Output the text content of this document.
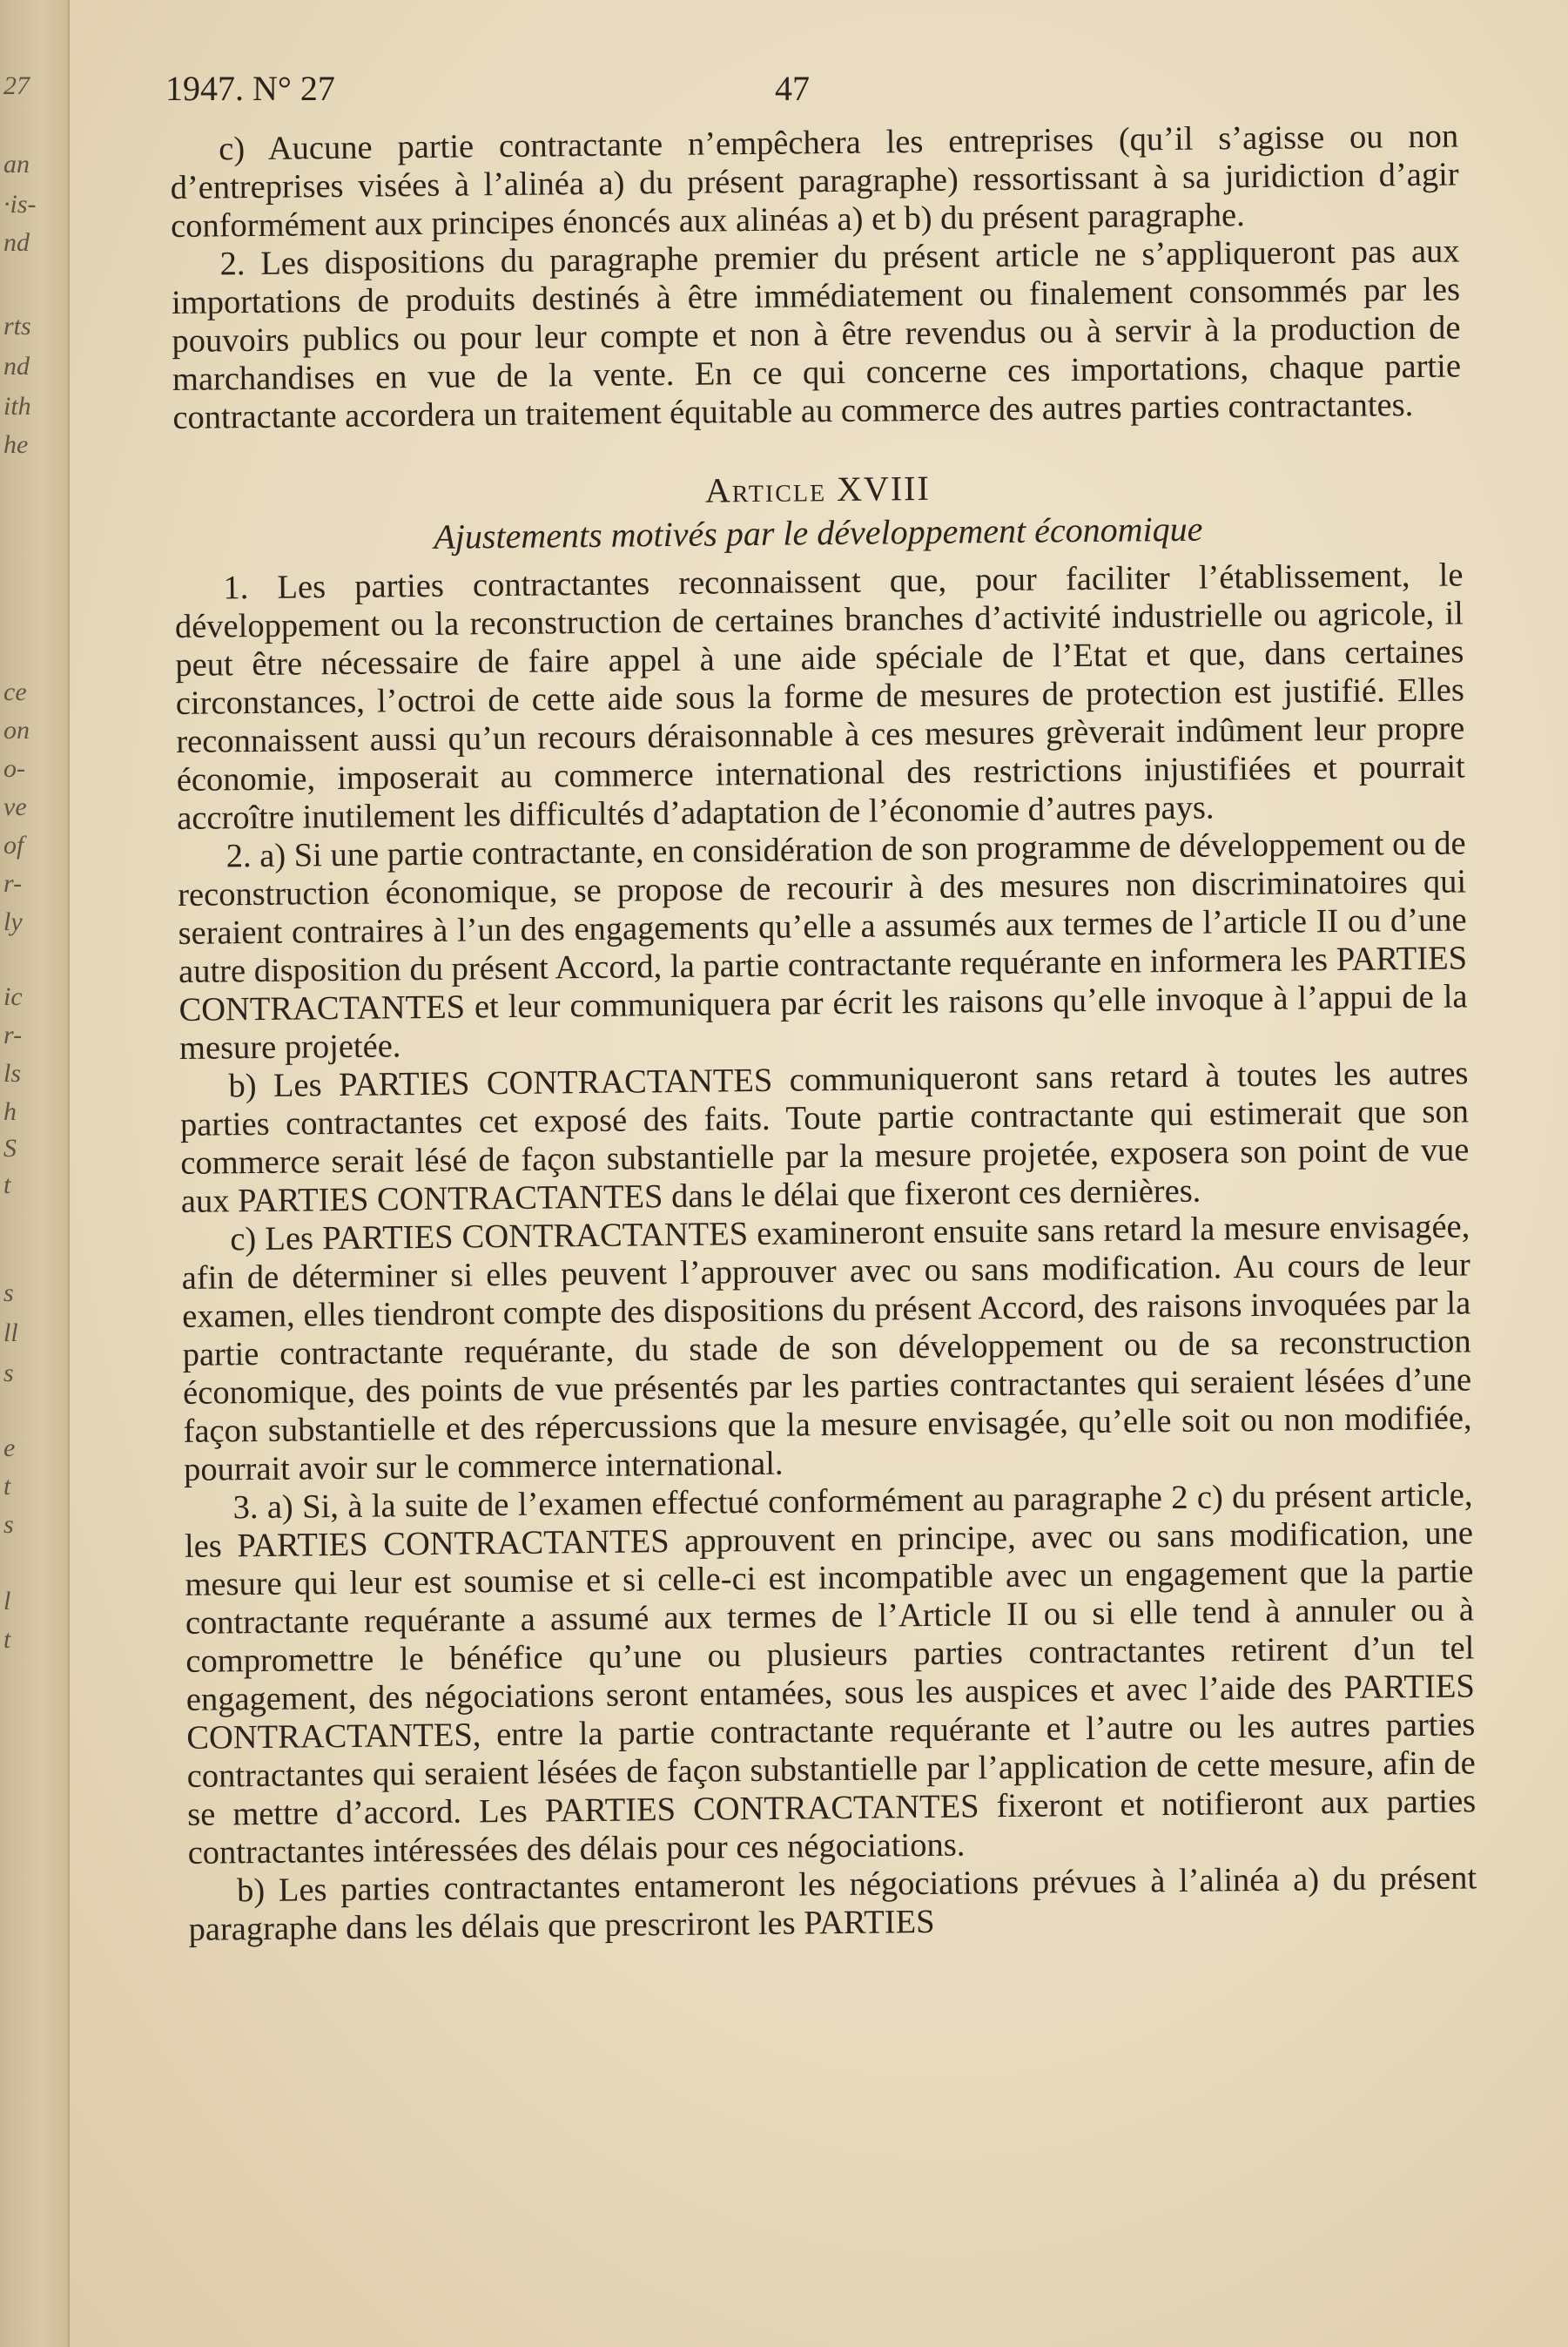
27
an
·is-
nd
rts
nd
ith
he
ce
on
o-
ve
of
r-
ly
ic
r-
ls
h
S
t
s
ll
s
e
t
s
l
t
1947. N° 27	47

c) Aucune partie contractante n’empêchera les entreprises (qu’il s’agisse ou non d’entreprises visées à l’alinéa a) du présent paragraphe) ressortissant à sa juridiction d’agir conformément aux principes énoncés aux alinéas a) et b) du présent paragraphe.

2. Les dispositions du paragraphe premier du présent article ne s’appliqueront pas aux importations de produits destinés à être immédiatement ou finalement consommés par les pouvoirs publics ou pour leur compte et non à être revendus ou à servir à la production de marchandises en vue de la vente. En ce qui concerne ces importations, chaque partie contractante accordera un traitement équitable au commerce des autres parties contractantes.

Article XVIII

Ajustements motivés par le développement économique

1. Les parties contractantes reconnaissent que, pour faciliter l’établissement, le développement ou la reconstruction de certaines branches d’activité industrielle ou agricole, il peut être nécessaire de faire appel à une aide spéciale de l’Etat et que, dans certaines circonstances, l’octroi de cette aide sous la forme de mesures de protection est justifié. Elles reconnaissent aussi qu’un recours déraisonnable à ces mesures grèverait indûment leur propre économie, imposerait au commerce international des restrictions injustifiées et pourrait accroître inutilement les difficultés d’adaptation de l’économie d’autres pays.

2. a) Si une partie contractante, en considération de son programme de développement ou de reconstruction économique, se propose de recourir à des mesures non discriminatoires qui seraient contraires à l’un des engagements qu’elle a assumés aux termes de l’article II ou d’une autre disposition du présent Accord, la partie contractante requérante en informera les PARTIES CONTRACTANTES et leur communiquera par écrit les raisons qu’elle invoque à l’appui de la mesure projetée.

b) Les PARTIES CONTRACTANTES communiqueront sans retard à toutes les autres parties contractantes cet exposé des faits. Toute partie contractante qui estimerait que son commerce serait lésé de façon substantielle par la mesure projetée, exposera son point de vue aux PARTIES CONTRACTANTES dans le délai que fixeront ces dernières.

c) Les PARTIES CONTRACTANTES examineront ensuite sans retard la mesure envisagée, afin de déterminer si elles peuvent l’approuver avec ou sans modification. Au cours de leur examen, elles tiendront compte des dispositions du présent Accord, des raisons invoquées par la partie contractante requérante, du stade de son développement ou de sa reconstruction économique, des points de vue présentés par les parties contractantes qui seraient lésées d’une façon substantielle et des répercussions que la mesure envisagée, qu’elle soit ou non modifiée, pourrait avoir sur le commerce international.

3. a) Si, à la suite de l’examen effectué conformément au paragraphe 2 c) du présent article, les PARTIES CONTRACTANTES approuvent en principe, avec ou sans modification, une mesure qui leur est soumise et si celle-ci est incompatible avec un engagement que la partie contractante requérante a assumé aux termes de l’Article II ou si elle tend à annuler ou à compromettre le bénéfice qu’une ou plusieurs parties contractantes retirent d’un tel engagement, des négociations seront entamées, sous les auspices et avec l’aide des PARTIES CONTRACTANTES, entre la partie contractante requérante et l’autre ou les autres parties contractantes qui seraient lésées de façon substantielle par l’application de cette mesure, afin de se mettre d’accord. Les PARTIES CONTRACTANTES fixeront et notifieront aux parties contractantes intéressées des délais pour ces négociations.

b) Les parties contractantes entameront les négociations prévues à l’alinéa a) du présent paragraphe dans les délais que prescriront les PARTIES
